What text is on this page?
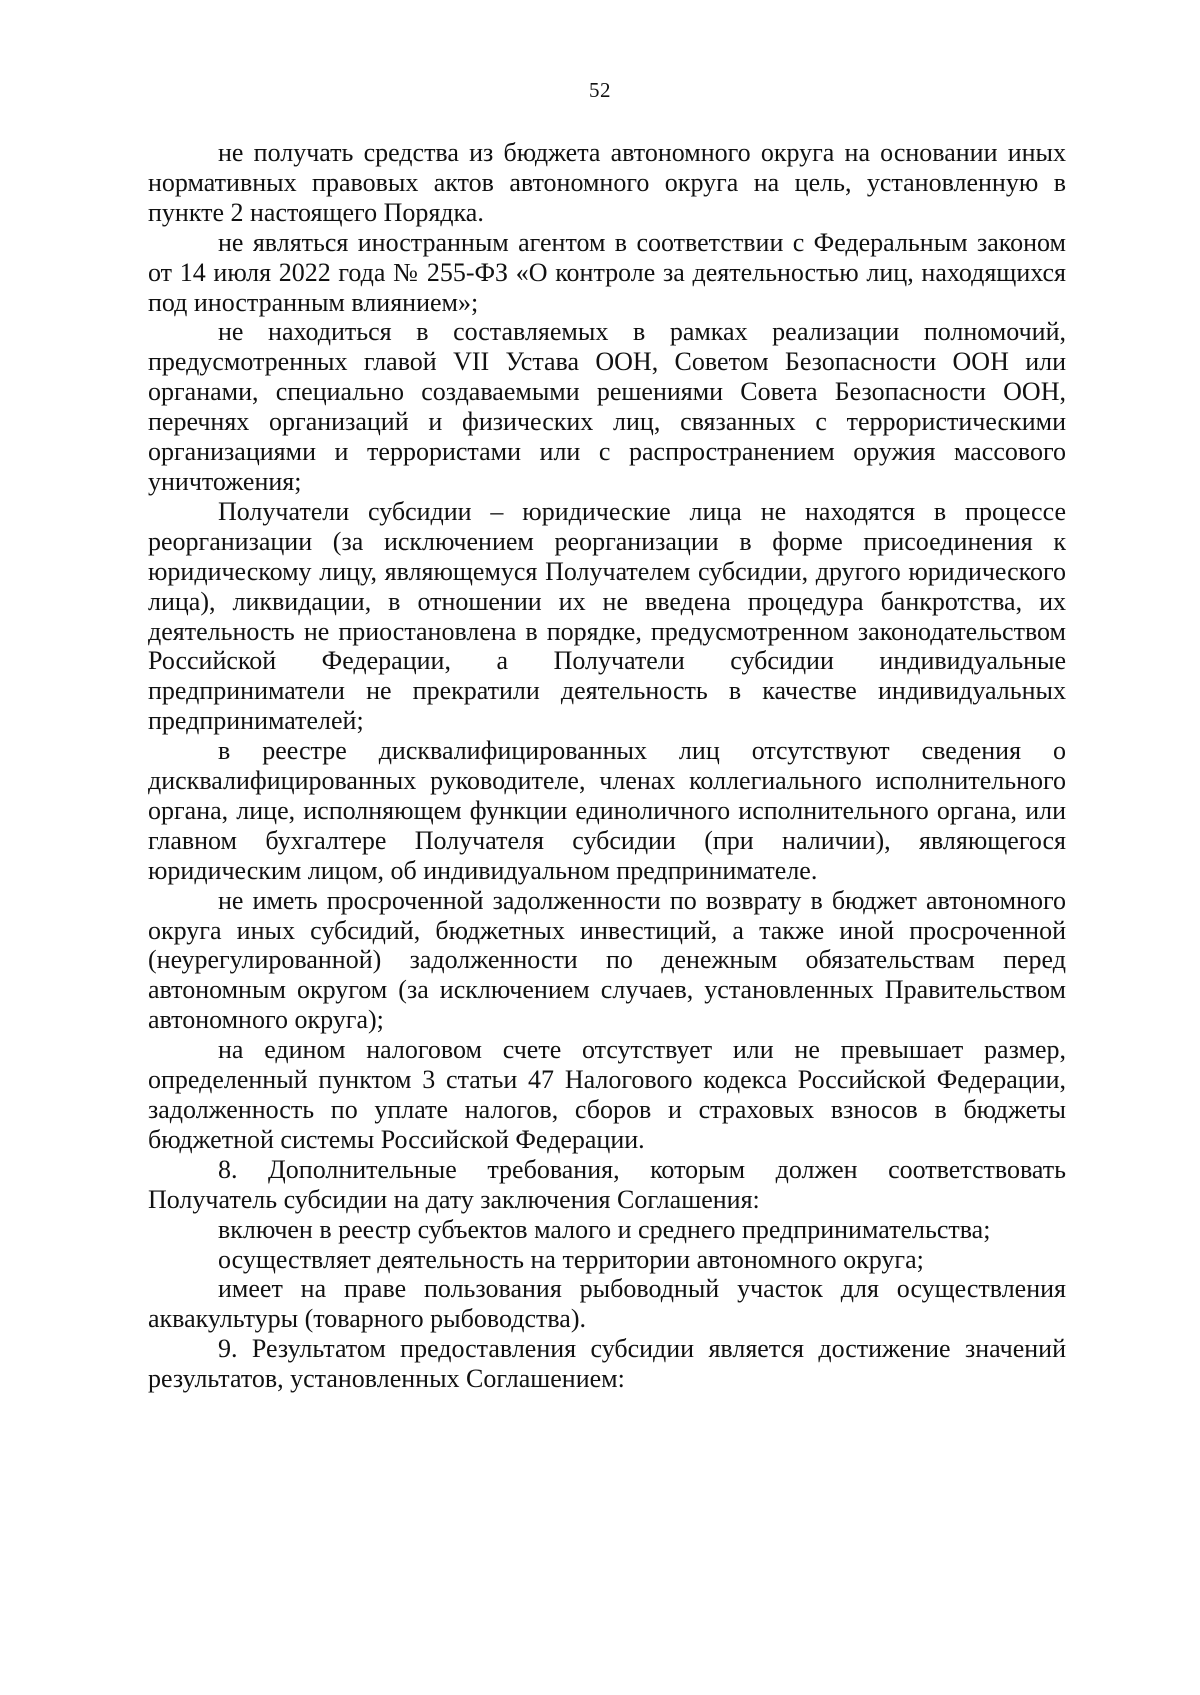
52

не получать средства из бюджета автономного округа на основании иных нормативных правовых актов автономного округа на цель, установленную в пункте 2 настоящего Порядка.

не являться иностранным агентом в соответствии с Федеральным законом от 14 июля 2022 года № 255-ФЗ «О контроле за деятельностью лиц, находящихся под иностранным влиянием»;

не находиться в составляемых в рамках реализации полномочий, предусмотренных главой VII Устава ООН, Советом Безопасности ООН или органами, специально создаваемыми решениями Совета Безопасности ООН, перечнях организаций и физических лиц, связанных с террористическими организациями и террористами или с распространением оружия массового уничтожения;

Получатели субсидии – юридические лица не находятся в процессе реорганизации (за исключением реорганизации в форме присоединения к юридическому лицу, являющемуся Получателем субсидии, другого юридического лица), ликвидации, в отношении их не введена процедура банкротства, их деятельность не приостановлена в порядке, предусмотренном законодательством Российской Федерации, а Получатели субсидии индивидуальные предприниматели не прекратили деятельность в качестве индивидуальных предпринимателей;

в реестре дисквалифицированных лиц отсутствуют сведения о дисквалифицированных руководителе, членах коллегиального исполнительного органа, лице, исполняющем функции единоличного исполнительного органа, или главном бухгалтере Получателя субсидии (при наличии), являющегося юридическим лицом, об индивидуальном предпринимателе.

не иметь просроченной задолженности по возврату в бюджет автономного округа иных субсидий, бюджетных инвестиций, а также иной просроченной (неурегулированной) задолженности по денежным обязательствам перед автономным округом (за исключением случаев, установленных Правительством автономного округа);

на едином налоговом счете отсутствует или не превышает размер, определенный пунктом 3 статьи 47 Налогового кодекса Российской Федерации, задолженность по уплате налогов, сборов и страховых взносов в бюджеты бюджетной системы Российской Федерации.

8. Дополнительные требования, которым должен соответствовать Получатель субсидии на дату заключения Соглашения:

включен в реестр субъектов малого и среднего предпринимательства;

осуществляет деятельность на территории автономного округа;

имеет на праве пользования рыбоводный участок для осуществления аквакультуры (товарного рыбоводства).

9. Результатом предоставления субсидии является достижение значений результатов, установленных Соглашением:
